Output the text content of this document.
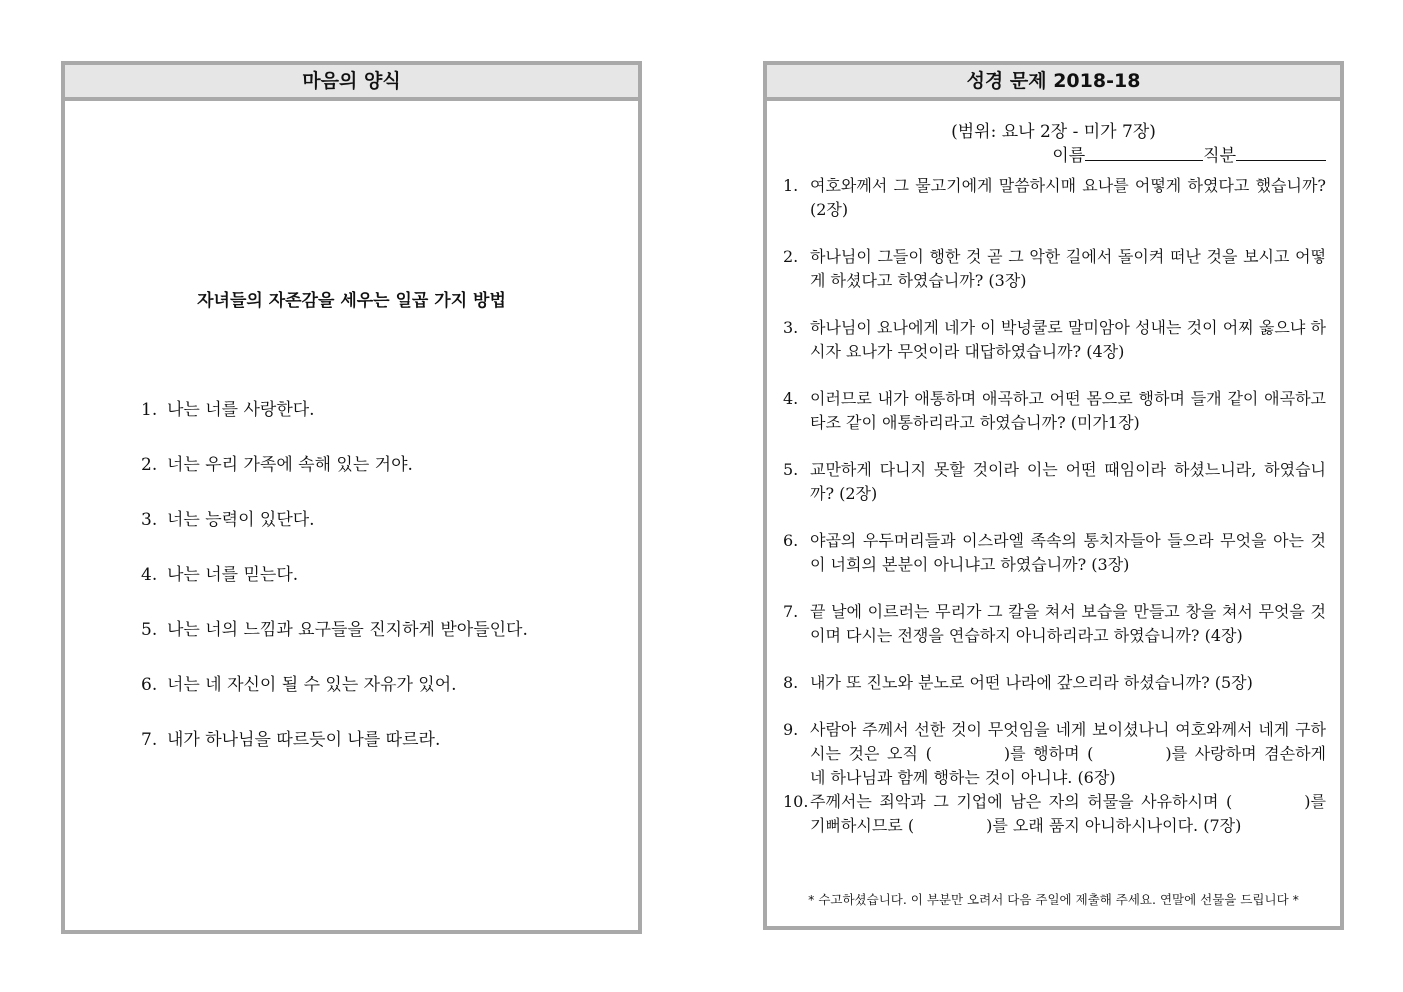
마음의 양식
자녀들의 자존감을 세우는 일곱 가지 방법
1. 나는 너를 사랑한다.
2. 너는 우리 가족에 속해 있는 거야.
3. 너는 능력이 있단다.
4. 나는 너를 믿는다.
5. 나는 너의 느낌과 요구들을 진지하게 받아들인다.
6. 너는 네 자신이 될 수 있는 자유가 있어.
7. 내가 하나님을 따르듯이 나를 따르라.
성경 문제 2018-18
(범위: 요나 2장 - 미가 7장)
이름	직분
1. 여호와께서 그 물고기에게 말씀하시매 요나를 어떻게 하였다고 했습니까? (2장)
2. 하나님이 그들이 행한 것 곧 그 악한 길에서 돌이켜 떠난 것을 보시고 어떻게 하셨다고 하였습니까? (3장)
3. 하나님이 요나에게 네가 이 박넝쿨로 말미암아 성내는 것이 어찌 옳으냐 하시자 요나가 무엇이라 대답하였습니까? (4장)
4. 이러므로 내가 애통하며 애곡하고 어떤 몸으로 행하며 들개 같이 애곡하고 타조 같이 애통하리라고 하였습니까? (미가1장)
5. 교만하게 다니지 못할 것이라 이는 어떤 때임이라 하셨느니라, 하였습니까? (2장)
6. 야곱의 우두머리들과 이스라엘 족속의 통치자들아 들으라 무엇을 아는 것이 너희의 본분이 아니냐고 하였습니까? (3장)
7. 끝 날에 이르러는 무리가 그 칼을 쳐서 보습을 만들고 창을 쳐서 무엇을 것이며 다시는 전쟁을 연습하지 아니하리라고 하였습니까? (4장)
8. 내가 또 진노와 분노로 어떤 나라에 갚으리라 하셨습니까? (5장)
9. 사람아 주께서 선한 것이 무엇임을 네게 보이셨나니 여호와께서 네게 구하시는 것은 오직 (	)를 행하며 (	)를 사랑하며 겸손하게 네 하나님과 함께 행하는 것이 아니냐. (6장)
10. 주께서는 죄악과 그 기업에 남은 자의 허물을 사유하시며 (	)를 기뻐하시므로 (	)를 오래 품지 아니하시나이다. (7장)
* 수고하셨습니다. 이 부분만 오려서 다음 주일에 제출해 주세요. 연말에 선물을 드립니다 *
